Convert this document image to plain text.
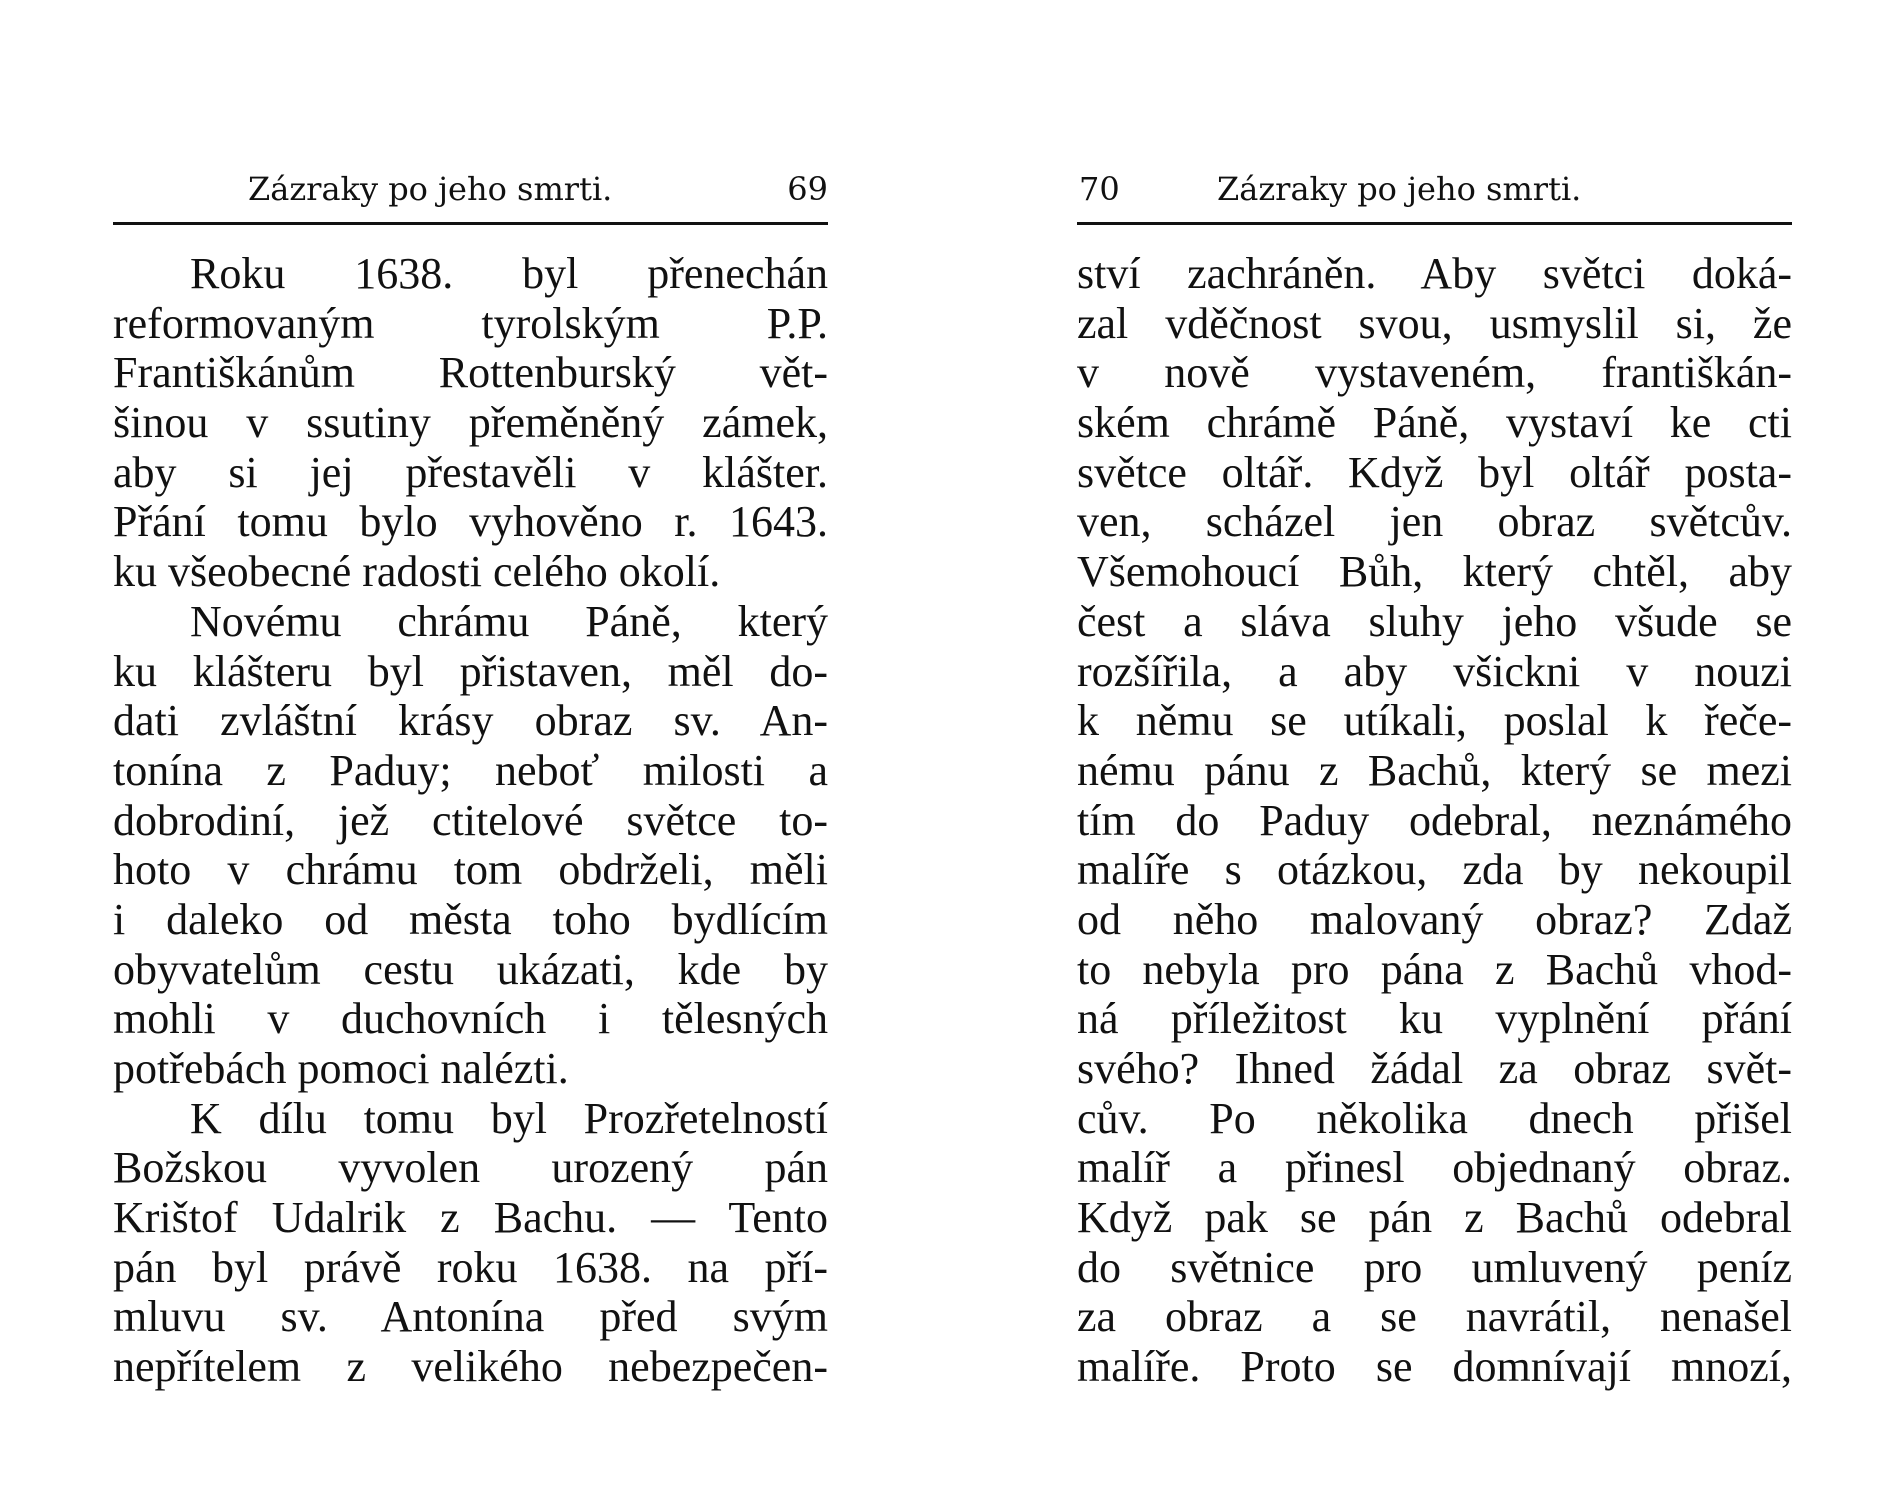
Zázraky po jeho smrti.	69
Roku 1638. byl přenechán
reformovaným tyrolským P.P.
Františkánům Rottenburský vět-
šinou v ssutiny přeměněný zámek,
aby si jej přestavěli v klášter.
Přání tomu bylo vyhověno r. 1643.
ku všeobecné radosti celého okolí.
Novému chrámu Páně, který
ku klášteru byl přistaven, měl do-
dati zvláštní krásy obraz sv. An-
tonína z Paduy; neboť milosti a
dobrodiní, jež ctitelové světce to-
hoto v chrámu tom obdrželi, měli
i daleko od města toho bydlícím
obyvatelům cestu ukázati, kde by
mohli v duchovních i tělesných
potřebách pomoci nalézti.
K dílu tomu byl Prozřetelností
Božskou vyvolen urozený pán
Krištof Udalrik z Bachu. — Tento
pán byl právě roku 1638. na pří-
mluvu sv. Antonína před svým
nepřítelem z velikého nebezpečen-
70	Zázraky po jeho smrti.
ství zachráněn. Aby světci doká-
zal vděčnost svou, usmyslil si, že
v nově vystaveném, františkán-
ském chrámě Páně, vystaví ke cti
světce oltář. Když byl oltář posta-
ven, scházel jen obraz světcův.
Všemohoucí Bůh, který chtěl, aby
čest a sláva sluhy jeho všude se
rozšířila, a aby všickni v nouzi
k němu se utíkali, poslal k řeče-
nému pánu z Bachů, který se mezi
tím do Paduy odebral, neznámého
malíře s otázkou, zda by nekoupil
od něho malovaný obraz? Zdaž
to nebyla pro pána z Bachů vhod-
ná příležitost ku vyplnění přání
svého? Ihned žádal za obraz svět-
cův. Po několika dnech přišel
malíř a přinesl objednaný obraz.
Když pak se pán z Bachů odebral
do světnice pro umluvený peníz
za obraz a se navrátil, nenašel
malíře. Proto se domnívají mnozí,
